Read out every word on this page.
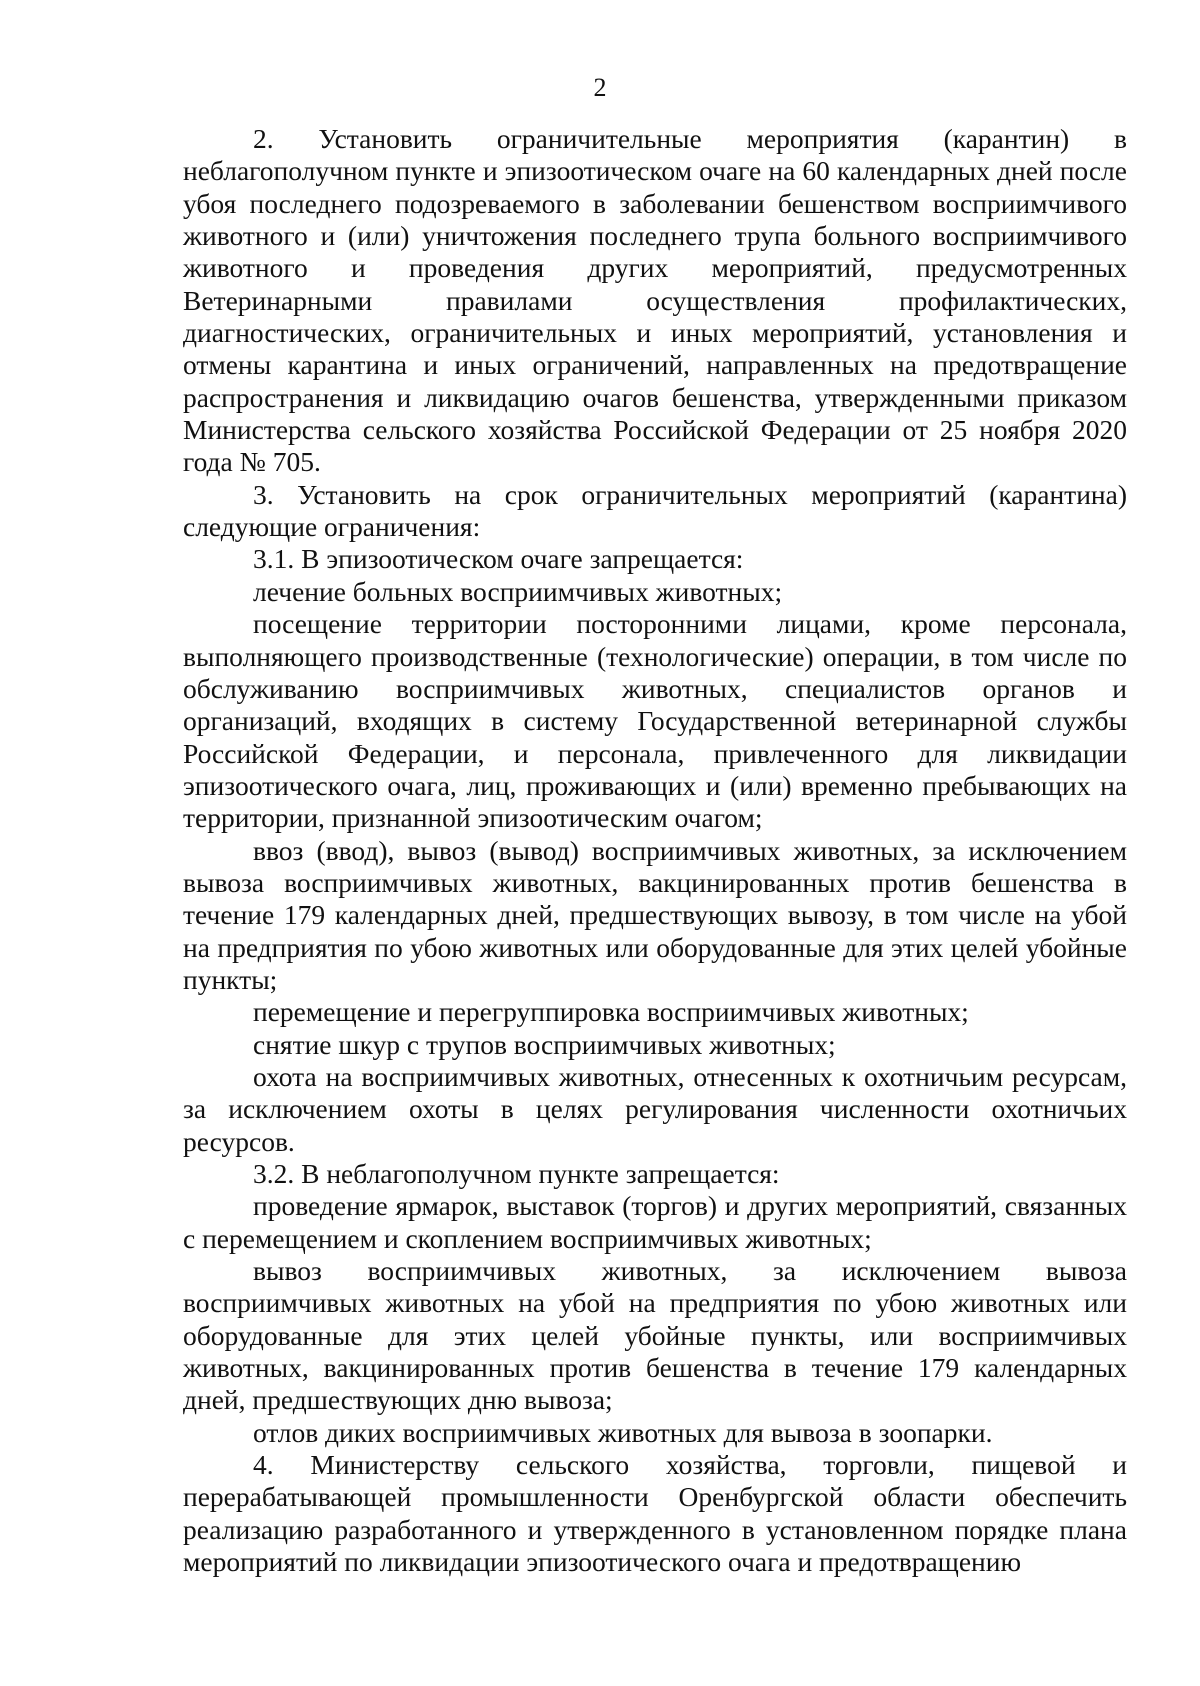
2

2. Установить ограничительные мероприятия (карантин) в неблагополучном пункте и эпизоотическом очаге на 60 календарных дней после убоя последнего подозреваемого в заболевании бешенством восприимчивого животного и (или) уничтожения последнего трупа больного восприимчивого животного и проведения других мероприятий, предусмотренных Ветеринарными правилами осуществления профилактических, диагностических, ограничительных и иных мероприятий, установления и отмены карантина и иных ограничений, направленных на предотвращение распространения и ликвидацию очагов бешенства, утвержденными приказом Министерства сельского хозяйства Российской Федерации от 25 ноября 2020 года № 705.

3. Установить на срок ограничительных мероприятий (карантина) следующие ограничения:

3.1. В эпизоотическом очаге запрещается:

лечение больных восприимчивых животных;

посещение территории посторонними лицами, кроме персонала, выполняющего производственные (технологические) операции, в том числе по обслуживанию восприимчивых животных, специалистов органов и организаций, входящих в систему Государственной ветеринарной службы Российской Федерации, и персонала, привлеченного для ликвидации эпизоотического очага, лиц, проживающих и (или) временно пребывающих на территории, признанной эпизоотическим очагом;

ввоз (ввод), вывоз (вывод) восприимчивых животных, за исключением вывоза восприимчивых животных, вакцинированных против бешенства в течение 179 календарных дней, предшествующих вывозу, в том числе на убой на предприятия по убою животных или оборудованные для этих целей убойные пункты;

перемещение и перегруппировка восприимчивых животных;

снятие шкур с трупов восприимчивых животных;

охота на восприимчивых животных, отнесенных к охотничьим ресурсам, за исключением охоты в целях регулирования численности охотничьих ресурсов.

3.2. В неблагополучном пункте запрещается:

проведение ярмарок, выставок (торгов) и других мероприятий, связанных с перемещением и скоплением восприимчивых животных;

вывоз восприимчивых животных, за исключением вывоза восприимчивых животных на убой на предприятия по убою животных или оборудованные для этих целей убойные пункты, или восприимчивых животных, вакцинированных против бешенства в течение 179 календарных дней, предшествующих дню вывоза;

отлов диких восприимчивых животных для вывоза в зоопарки.

4. Министерству сельского хозяйства, торговли, пищевой и перерабатывающей промышленности Оренбургской области обеспечить реализацию разработанного и утвержденного в установленном порядке плана мероприятий по ликвидации эпизоотического очага и предотвращению
